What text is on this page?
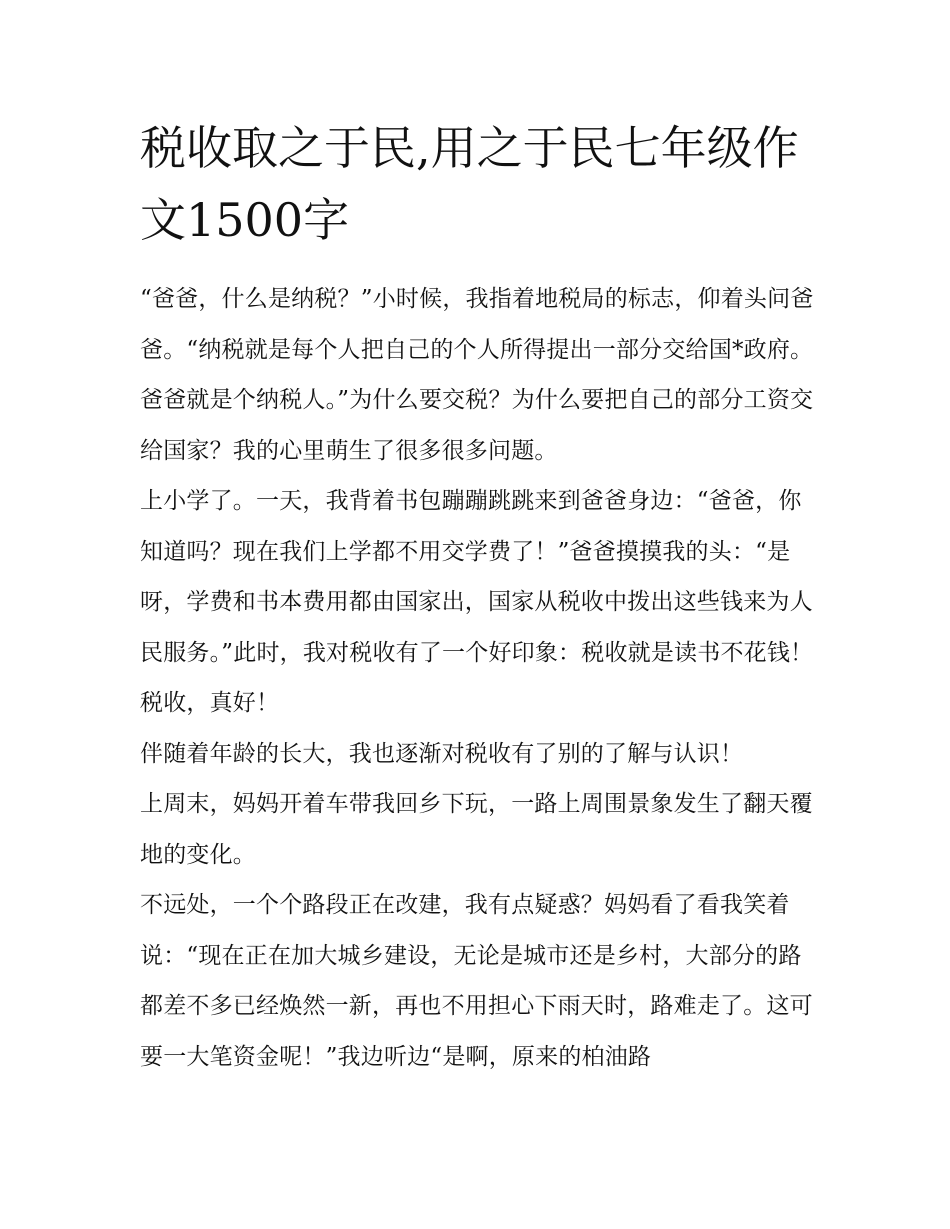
税收取之于民,用之于民七年级作文1500字

“爸爸，什么是纳税？”小时候，我指着地税局的标志，仰着头问爸爸。“纳税就是每个人把自己的个人所得提出一部分交给国*政府。爸爸就是个纳税人。”为什么要交税？为什么要把自己的部分工资交给国家？我的心里萌生了很多很多问题。

上小学了。一天，我背着书包蹦蹦跳跳来到爸爸身边：“爸爸，你知道吗？现在我们上学都不用交学费了！”爸爸摸摸我的头：“是呀，学费和书本费用都由国家出，国家从税收中拨出这些钱来为人民服务。”此时，我对税收有了一个好印象：税收就是读书不花钱！税收，真好！

伴随着年龄的长大，我也逐渐对税收有了别的了解与认识！

上周末，妈妈开着车带我回乡下玩，一路上周围景象发生了翻天覆地的变化。

不远处，一个个路段正在改建，我有点疑惑？妈妈看了看我笑着说：“现在正在加大城乡建设，无论是城市还是乡村，大部分的路都差不多已经焕然一新，再也不用担心下雨天时，路难走了。这可要一大笔资金呢！”我边听边“是啊，原来的柏油路
